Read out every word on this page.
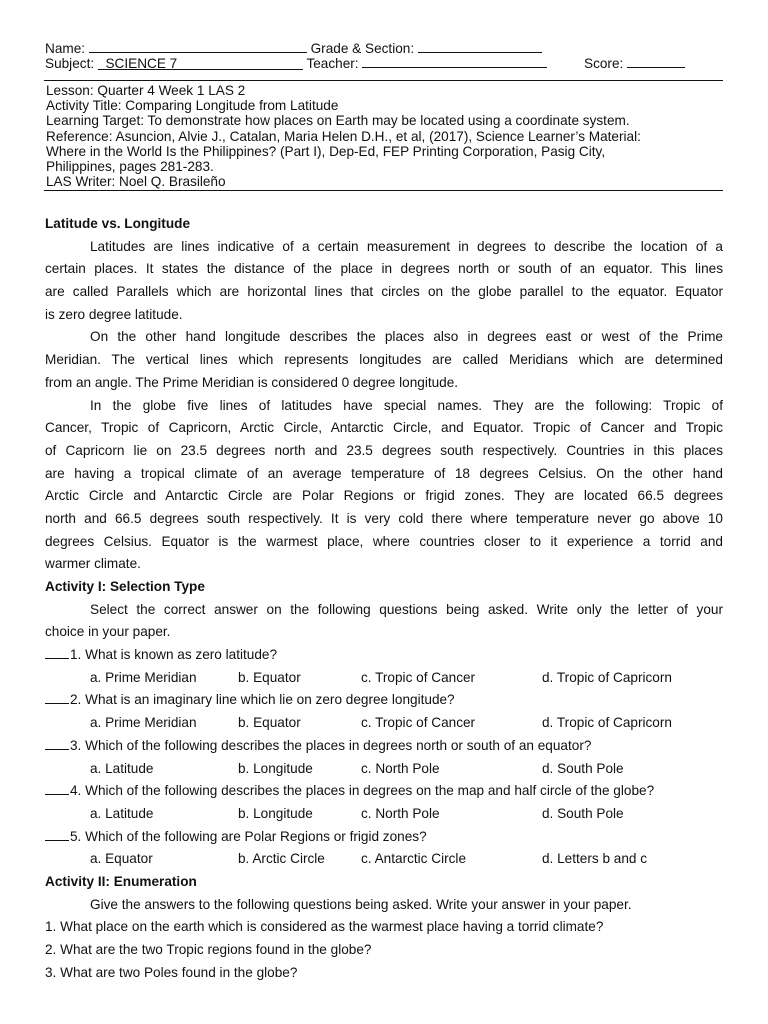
Name:	Grade & Section:
Subject: SCIENCE 7	Teacher:	Score:
Lesson: Quarter 4 Week 1 LAS 2
Activity Title: Comparing Longitude from Latitude
Learning Target: To demonstrate how places on Earth may be located using a coordinate system.
Reference: Asuncion, Alvie J., Catalan, Maria Helen D.H., et al, (2017), Science Learner’s Material:
Where in the World Is the Philippines? (Part I), Dep-Ed, FEP Printing Corporation, Pasig City,
Philippines, pages 281-283.
LAS Writer: Noel Q. Brasileño
Latitude vs. Longitude
Latitudes are lines indicative of a certain measurement in degrees to describe the location of a
certain places. It states the distance of the place in degrees north or south of an equator. This lines
are called Parallels which are horizontal lines that circles on the globe parallel to the equator. Equator
is zero degree latitude.
On the other hand longitude describes the places also in degrees east or west of the Prime
Meridian. The vertical lines which represents longitudes are called Meridians which are determined
from an angle. The Prime Meridian is considered 0 degree longitude.
In the globe five lines of latitudes have special names. They are the following: Tropic of
Cancer, Tropic of Capricorn, Arctic Circle, Antarctic Circle, and Equator. Tropic of Cancer and Tropic
of Capricorn lie on 23.5 degrees north and 23.5 degrees south respectively. Countries in this places
are having a tropical climate of an average temperature of 18 degrees Celsius. On the other hand
Arctic Circle and Antarctic Circle are Polar Regions or frigid zones. They are located 66.5 degrees
north and 66.5 degrees south respectively. It is very cold there where temperature never go above 10
degrees Celsius. Equator is the warmest place, where countries closer to it experience a torrid and
warmer climate.
Activity I: Selection Type
Select the correct answer on the following questions being asked. Write only the letter of your
choice in your paper.
1. What is known as zero latitude?
a. Prime Meridian	b. Equator	c. Tropic of Cancer	d. Tropic of Capricorn
2. What is an imaginary line which lie on zero degree longitude?
a. Prime Meridian	b. Equator	c. Tropic of Cancer	d. Tropic of Capricorn
3. Which of the following describes the places in degrees north or south of an equator?
a. Latitude	b. Longitude	c. North Pole	d. South Pole
4. Which of the following describes the places in degrees on the map and half circle of the globe?
a. Latitude	b. Longitude	c. North Pole	d. South Pole
5. Which of the following are Polar Regions or frigid zones?
a. Equator	b. Arctic Circle	c. Antarctic Circle	d. Letters b and c
Activity II: Enumeration
Give the answers to the following questions being asked. Write your answer in your paper.
1. What place on the earth which is considered as the warmest place having a torrid climate?
2. What are the two Tropic regions found in the globe?
3. What are two Poles found in the globe?
